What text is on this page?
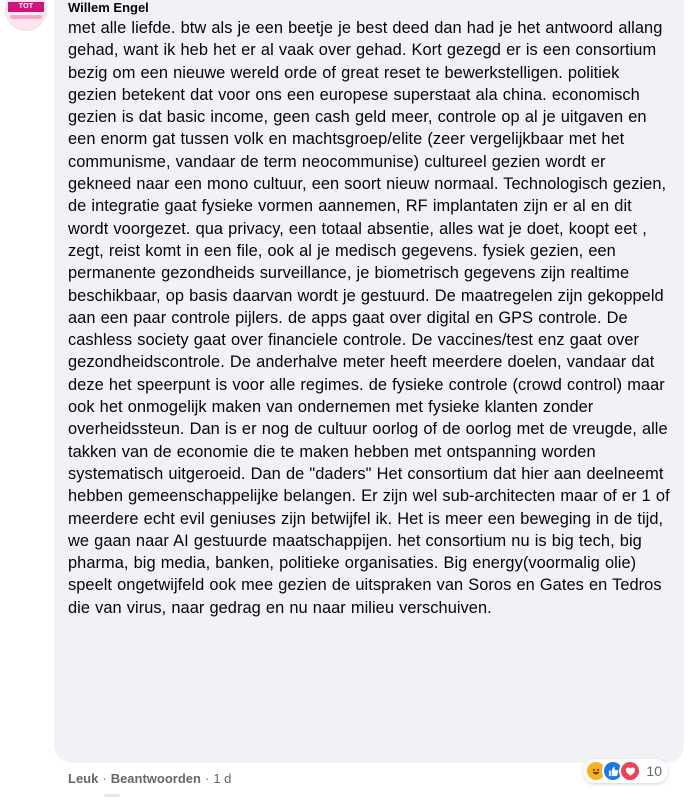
TOT	Willem Engel
met alle liefde. btw als je een beetje je best deed dan had je het antwoord allang gehad, want ik heb het er al vaak over gehad. Kort gezegd er is een consortium bezig om een nieuwe wereld orde of great reset te bewerkstelligen. politiek gezien betekent dat voor ons een europese superstaat ala china. economisch gezien is dat basic income, geen cash geld meer, controle op al je uitgaven en een enorm gat tussen volk en machtsgroep/elite (zeer vergelijkbaar met het communisme, vandaar de term neocommunise) cultureel gezien wordt er gekneed naar een mono cultuur, een soort nieuw normaal. Technologisch gezien, de integratie gaat fysieke vormen aannemen, RF implantaten zijn er al en dit wordt voorgezet. qua privacy, een totaal absentie, alles wat je doet, koopt eet , zegt, reist komt in een file, ook al je medisch gegevens. fysiek gezien, een permanente gezondheids surveillance, je biometrisch gegevens zijn realtime beschikbaar, op basis daarvan wordt je gestuurd. De maatregelen zijn gekoppeld aan een paar controle pijlers. de apps gaat over digital en GPS controle. De cashless society gaat over financiele controle. De vaccines/test enz gaat over gezondheidscontrole. De anderhalve meter heeft meerdere doelen, vandaar dat deze het speerpunt is voor alle regimes. de fysieke controle (crowd control) maar ook het onmogelijk maken van ondernemen met fysieke klanten zonder overheidssteun. Dan is er nog de cultuur oorlog of de oorlog met de vreugde, alle takken van de economie die te maken hebben met ontspanning worden systematisch uitgeroeid. Dan de "daders" Het consortium dat hier aan deelneemt hebben gemeenschappelijke belangen. Er zijn wel sub-architecten maar of er 1 of meerdere echt evil geniuses zijn betwijfel ik. Het is meer een beweging in de tijd, we gaan naar AI gestuurde maatschappijen. het consortium nu is big tech, big pharma, big media, banken, politieke organisaties. Big energy(voormalig olie) speelt ongetwijfeld ook mee gezien de uitspraken van Soros en Gates en Tedros die van virus, naar gedrag en nu naar milieu verschuiven.
10
Leuk · Beantwoorden · 1 d
